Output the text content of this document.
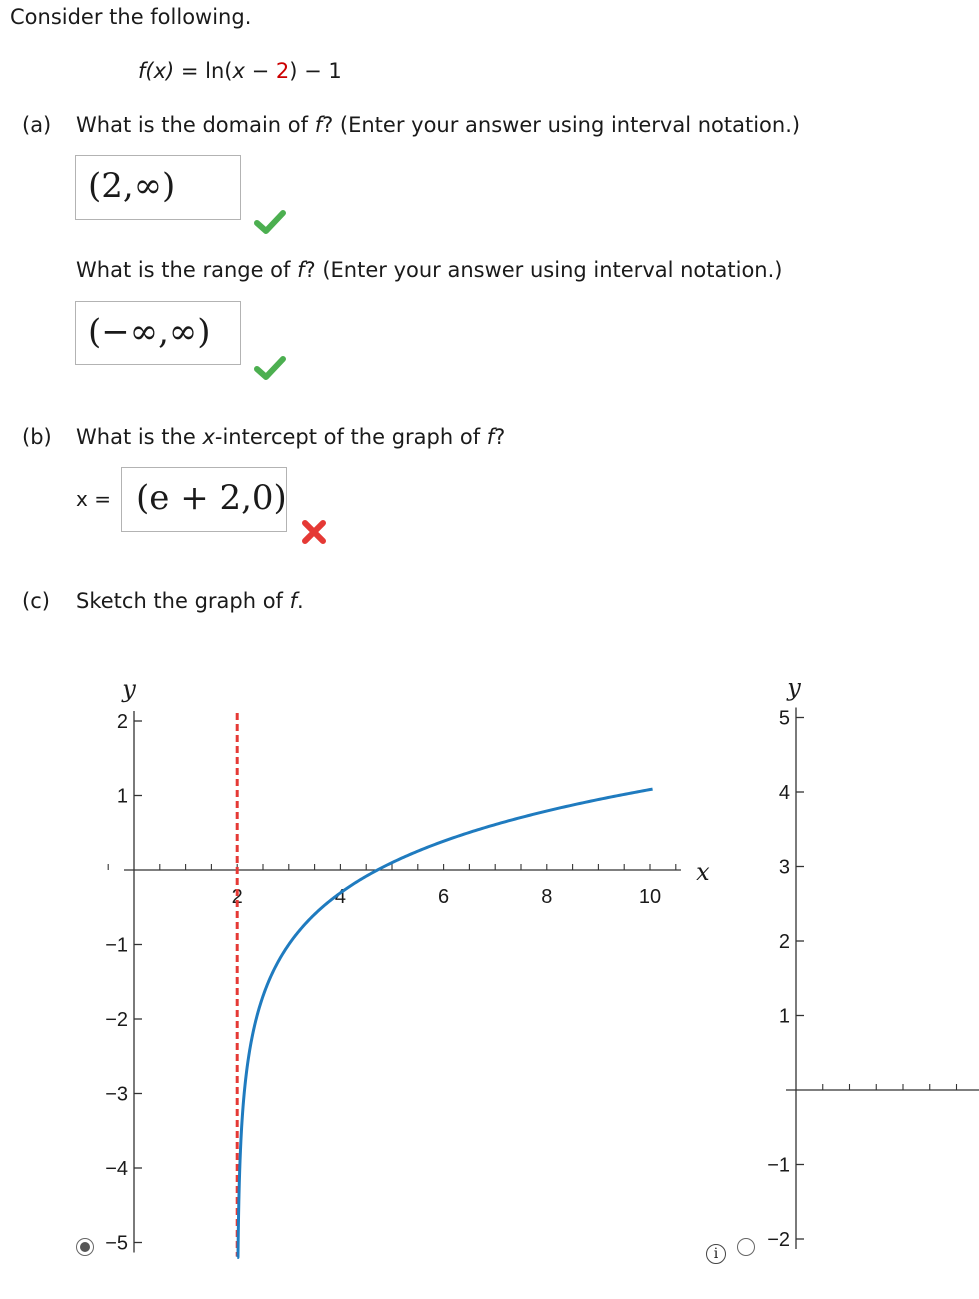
Consider the following.
f(x) = ln(x − 2) − 1
(a) What is the domain of f? (Enter your answer using interval notation.)
(2,∞)
What is the range of f? (Enter your answer using interval notation.)
(−∞,∞)
(b) What is the x-intercept of the graph of f?
x = (e + 2,0)
(c) Sketch the graph of f.
2
1
−1
−2
−3
−4
−5
2	4	6	8	10
y
x
5
4
3
2
1
−1
−2
y
i
